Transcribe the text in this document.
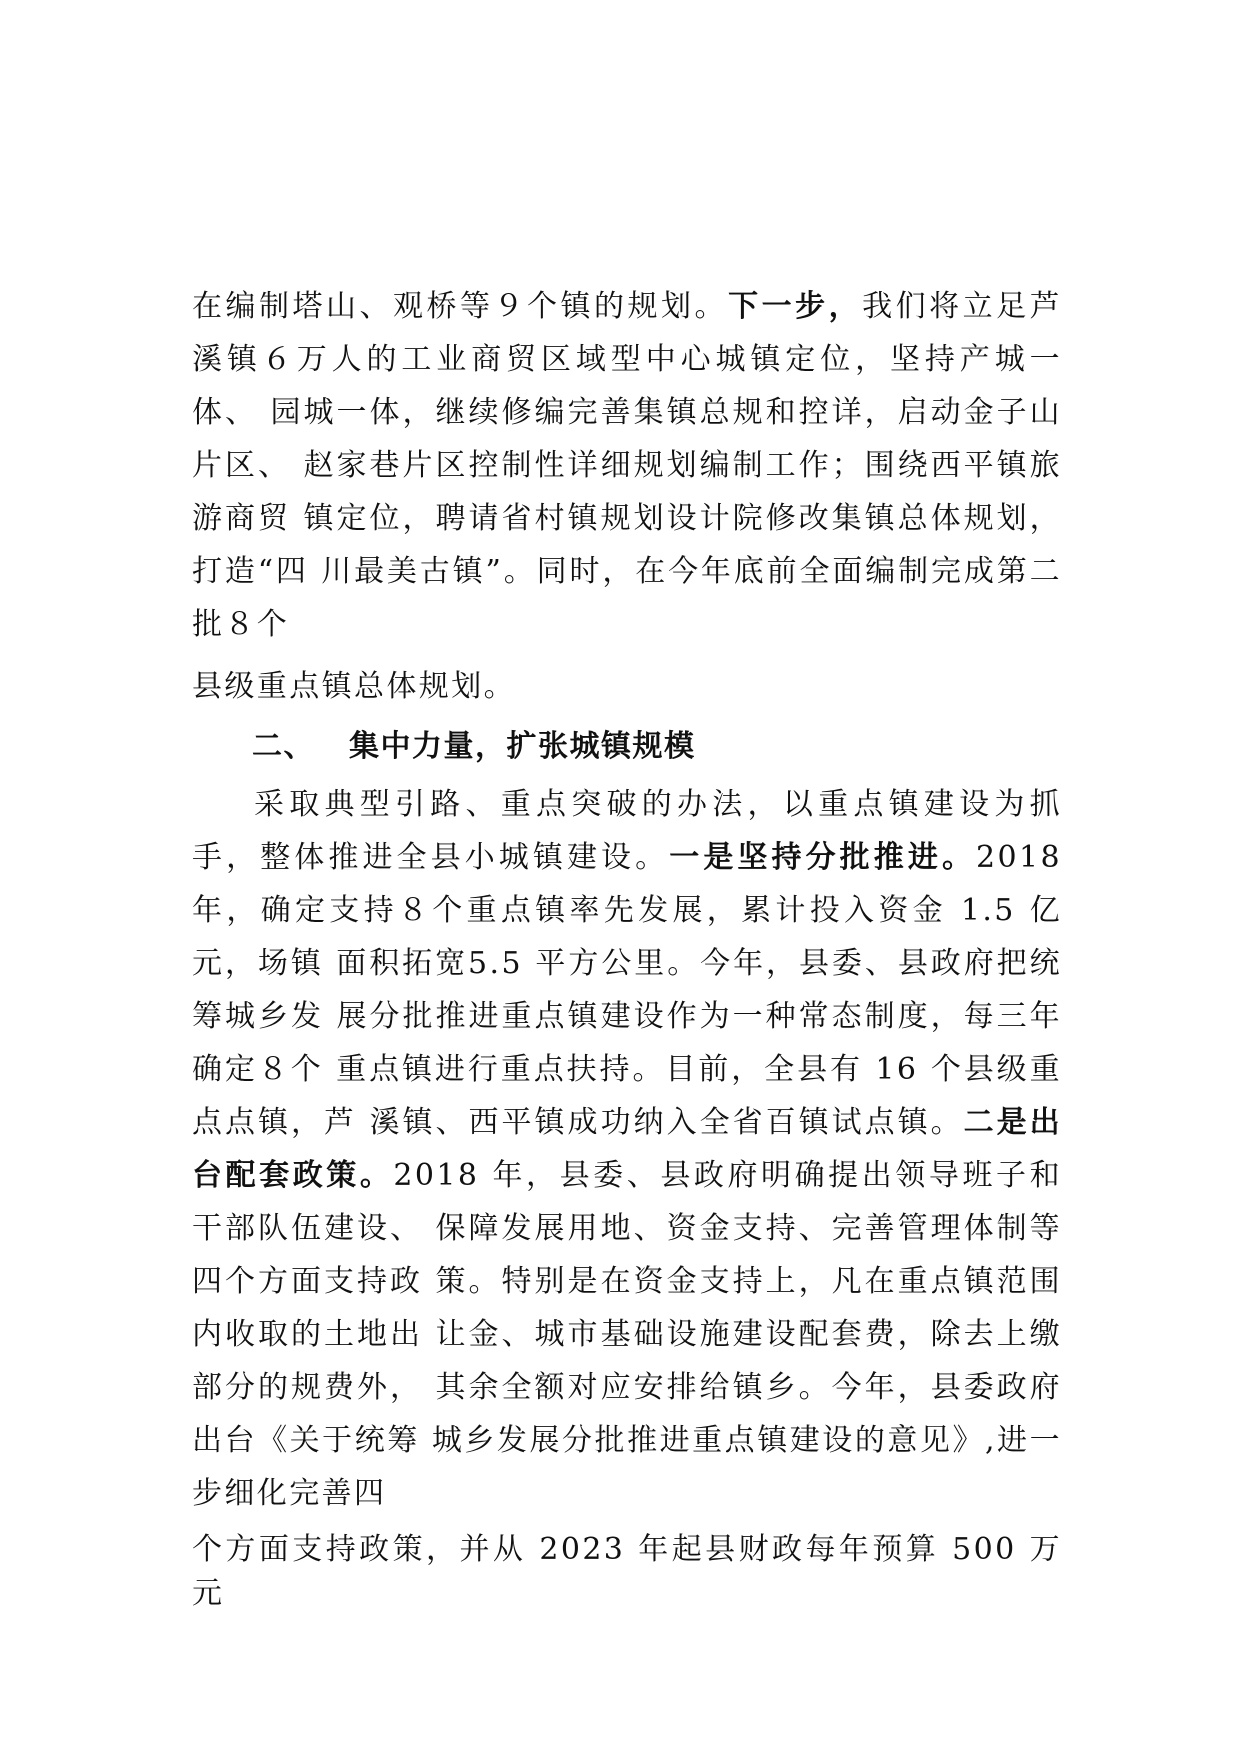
在编制塔山、观桥等９个镇的规划。下一步，我们将立足芦 溪镇６万人的工业商贸区域型中心城镇定位，坚持产城一体、 园城一体，继续修编完善集镇总规和控详，启动金子山片区、 赵家巷片区控制性详细规划编制工作；围绕西平镇旅游商贸 镇定位，聘请省村镇规划设计院修改集镇总体规划，打造“四 川最美古镇”。同时，在今年底前全面编制完成第二批８个

县级重点镇总体规划。

二、 集中力量，扩张城镇规模

采取典型引路、重点突破的办法，以重点镇建设为抓手，整体推进全县小城镇建设。一是坚持分批推进。2018 年，确定支持８个重点镇率先发展，累计投入资金 1.5 亿元，场镇 面积拓宽5.5 平方公里。今年，县委、县政府把统筹城乡发 展分批推进重点镇建设作为一种常态制度，每三年确定８个 重点镇进行重点扶持。目前，全县有 16 个县级重点点镇，芦 溪镇、西平镇成功纳入全省百镇试点镇。二是出台配套政策。2018 年，县委、县政府明确提出领导班子和干部队伍建设、 保障发展用地、资金支持、完善管理体制等四个方面支持政 策。特别是在资金支持上，凡在重点镇范围内收取的土地出 让金、城市基础设施建设配套费，除去上缴部分的规费外， 其余全额对应安排给镇乡。今年，县委政府出台《关于统筹 城乡发展分批推进重点镇建设的意见》,进一步细化完善四

个方面支持政策，并从 2023 年起县财政每年预算 500 万元
